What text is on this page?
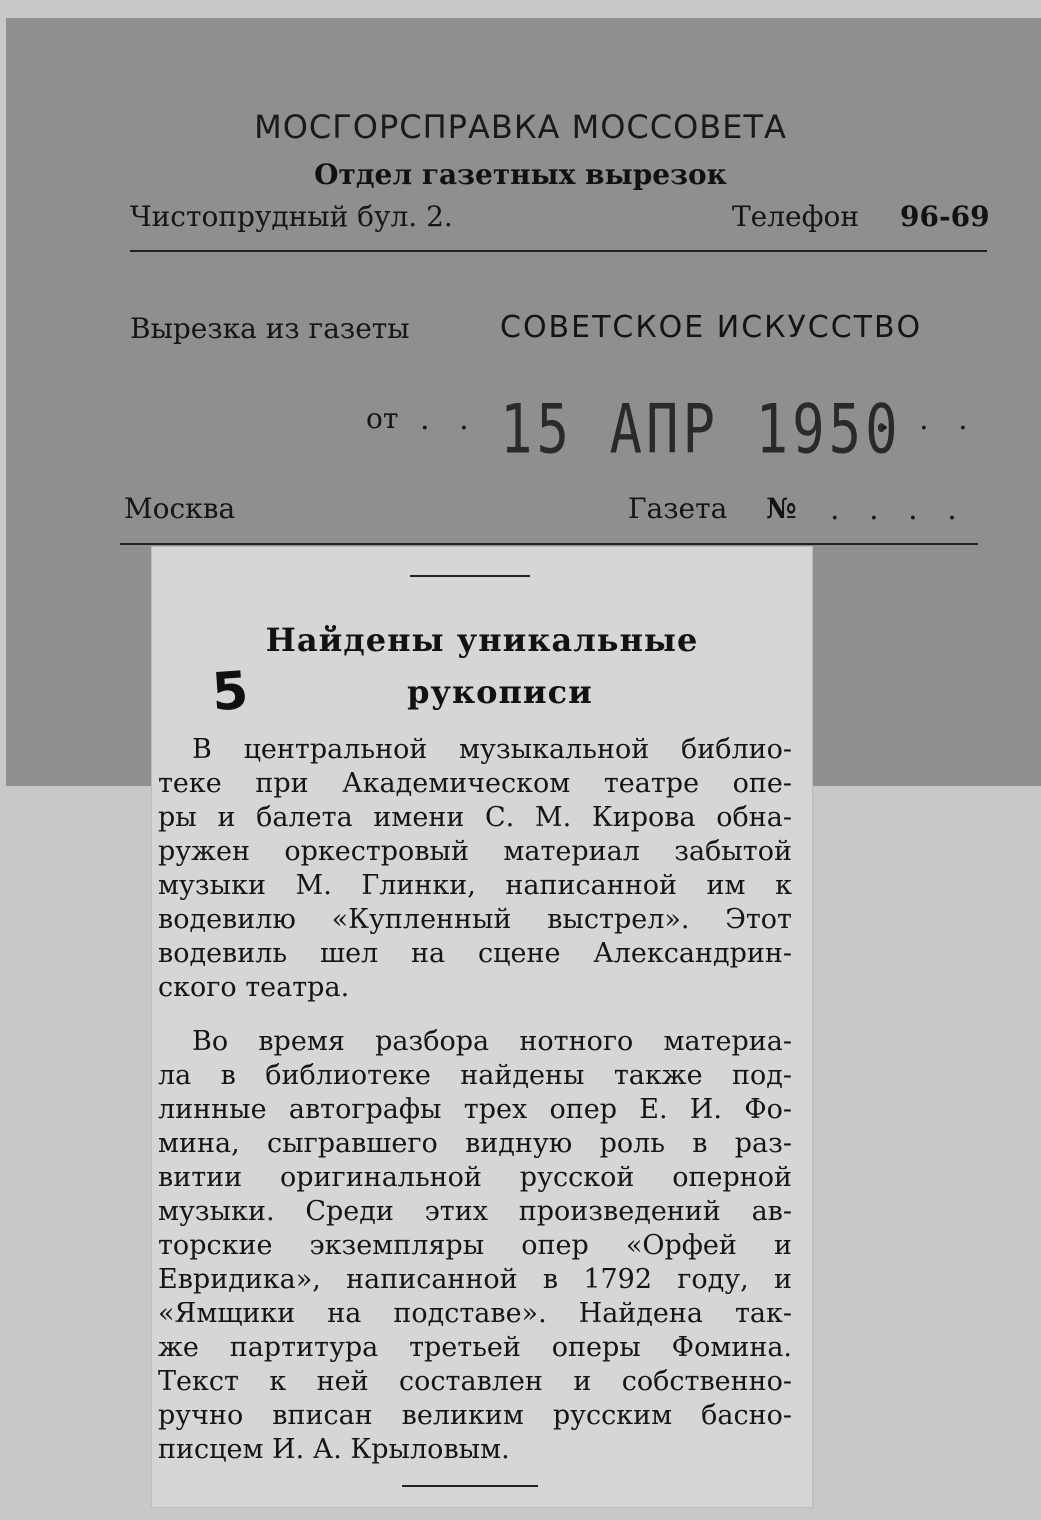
МОСГОРСПРАВКА МОССОВЕТА
Отдел газетных вырезок
Чистопрудный бул. 2.	Телефон 96-69
Вырезка из газеты	СОВЕТСКОЕ ИСКУССТВО
от . . 15 АПР 1950
. . .
Москва	Газета № . . . .
Найдены уникальные
рукописи
5
В центральной музыкальной библио-
теке при Академическом театре опе-
ры и балета имени С. М. Кирова обна-
ружен оркестровый материал забытой
музыки М. Глинки, написанной им к
водевилю «Купленный выстрел». Этот
водевиль шел на сцене Александрин-
ского театра.
Во время разбора нотного материа-
ла в библиотеке найдены также под-
линные автографы трех опер Е. И. Фо-
мина, сыгравшего видную роль в раз-
витии оригинальной русской оперной
музыки. Среди этих произведений ав-
торские экземпляры опер «Орфей и
Евридика», написанной в 1792 году, и
«Ямщики на подставе». Найдена так-
же партитура третьей оперы Фомина.
Текст к ней составлен и собственно-
ручно вписан великим русским басно-
писцем И. А. Крыловым.
